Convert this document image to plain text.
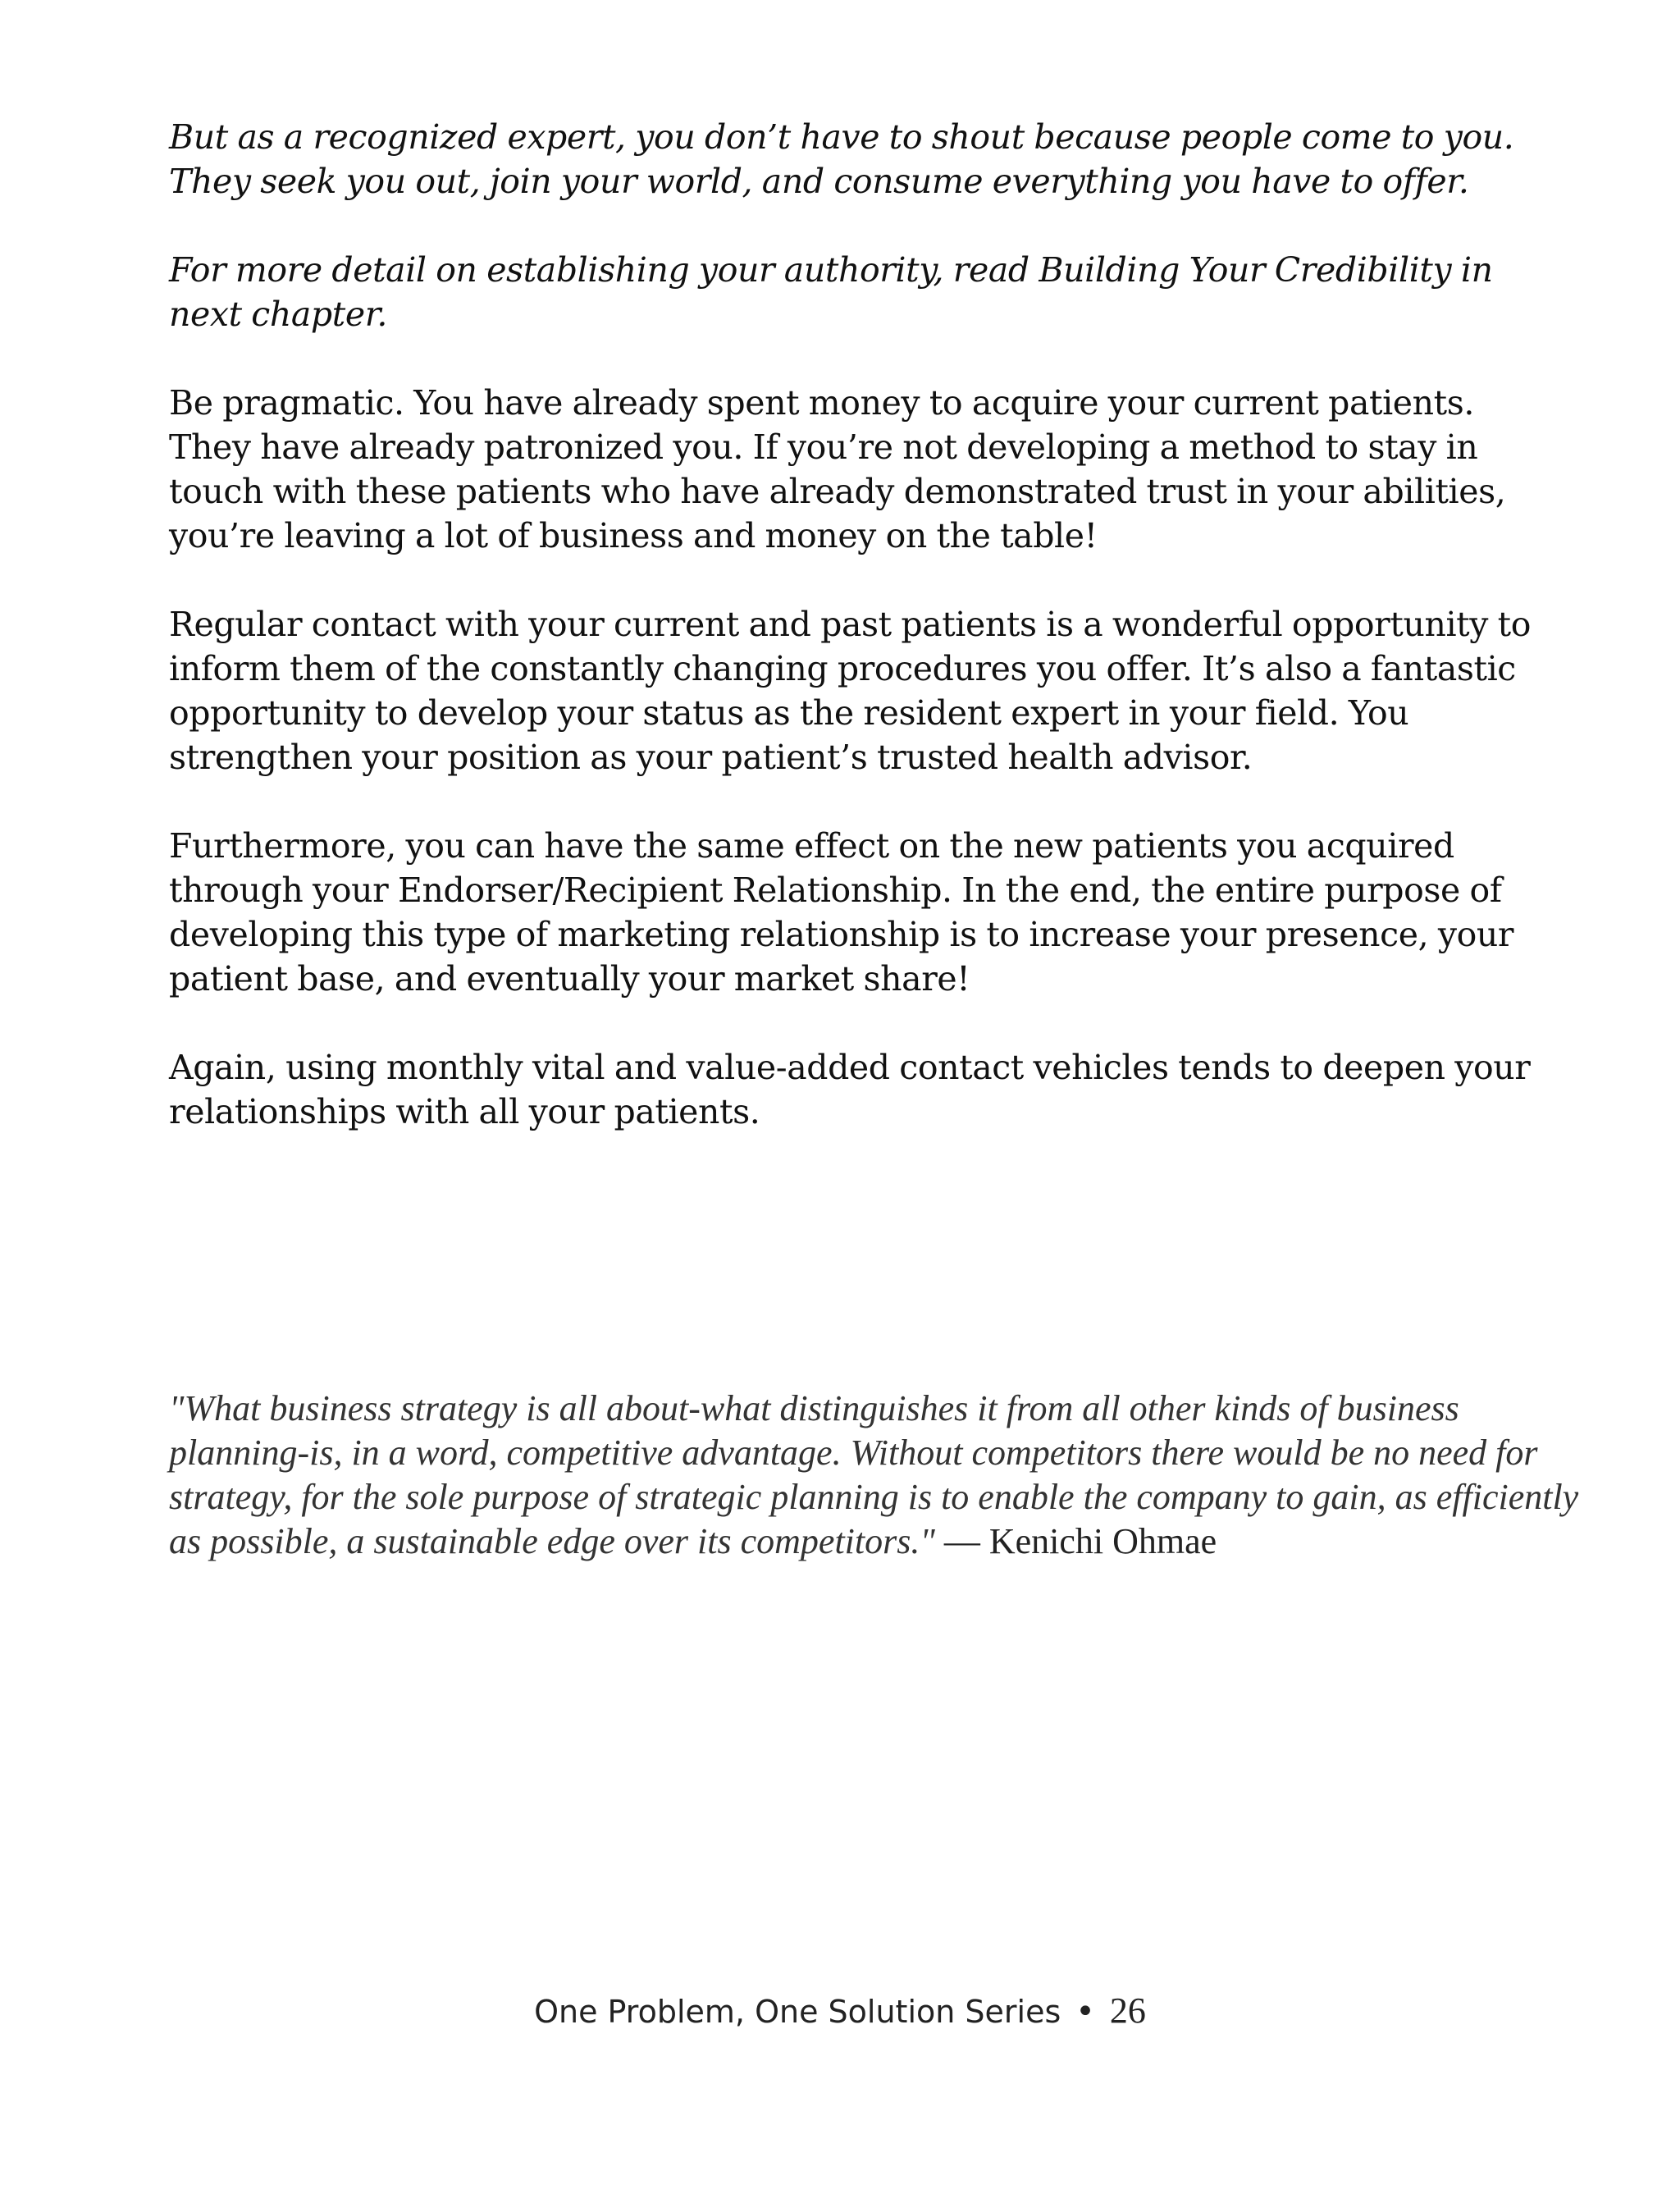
But as a recognized expert, you don’t have to shout because people come to you. They seek you out, join your world, and consume everything you have to offer.

For more detail on establishing your authority, read Building Your Credibility in next chapter.

Be pragmatic. You have already spent money to acquire your current patients. They have already patronized you. If you’re not developing a method to stay in touch with these patients who have already demonstrated trust in your abilities, you’re leaving a lot of business and money on the table!

Regular contact with your current and past patients is a wonderful opportunity to inform them of the constantly changing procedures you offer. It’s also a fantastic opportunity to develop your status as the resident expert in your field. You strengthen your position as your patient’s trusted health advisor.

Furthermore, you can have the same effect on the new patients you acquired through your Endorser/Recipient Relationship. In the end, the entire purpose of developing this type of marketing relationship is to increase your presence, your patient base, and eventually your market share!

Again, using monthly vital and value-added contact vehicles tends to deepen your relationships with all your patients.

"What business strategy is all about-what distinguishes it from all other kinds of business planning-is, in a word, competitive advantage. Without competitors there would be no need for strategy, for the sole purpose of strategic planning is to enable the company to gain, as efficiently as possible, a sustainable edge over its competitors." — Kenichi Ohmae

One Problem, One Solution Series • 26
